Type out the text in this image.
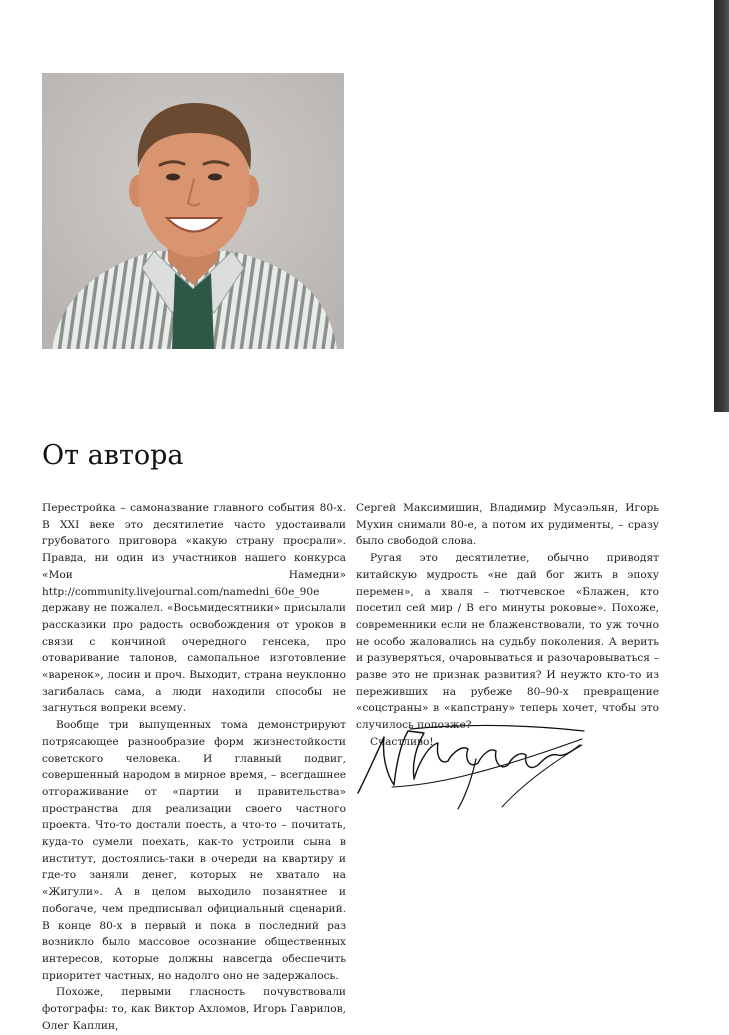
От автора

Перестройка – самоназвание главного события 80-х. В XXI веке это десятилетие часто удостаивали грубоватого приговора «какую страну просрали». Правда, ни один из участников нашего конкурса «Мои Намедни» http://community.livejournal.com/namedni_60e_90e державу не пожалел. «Восьмидесятники» присылали рассказики про радость освобождения от уроков в связи с кончиной очередного генсека, про отоваривание талонов, самопальное изготовление «варенок», лосин и проч. Выходит, страна неуклонно загибалась сама, а люди находили способы не загнуться вопреки всему.

Вообще три выпущенных тома демонстрируют потрясающее разнообразие форм жизнестойкости советского человека. И главный подвиг, совершенный народом в мирное время, – всегдашнее отгораживание от «партии и правительства» пространства для реализации своего частного проекта. Что-то достали поесть, а что-то – почитать, куда-то сумели поехать, как-то устроили сына в институт, достоялись-таки в очереди на квартиру и где-то заняли денег, которых не хватало на «Жигули». А в целом выходило позанятнее и побогаче, чем предписывал официальный сценарий. В конце 80-х в первый и пока в последний раз возникло было массовое осознание общественных интересов, которые должны навсегда обеспечить приоритет частных, но надолго оно не задержалось.

Похоже, первыми гласность почувствовали фотографы: то, как Виктор Ахломов, Игорь Гаврилов, Олег Каплин,

Сергей Максимишин, Владимир Мусаэльян, Игорь Мухин снимали 80-е, а потом их рудименты, – сразу было свободой слова.

Ругая это десятилетие, обычно приводят китайскую мудрость «не дай бог жить в эпоху перемен», а хваля – тютчевское «Блажен, кто посетил сей мир / В его минуты роковые». Похоже, современники если не блаженствовали, то уж точно не особо жаловались на судьбу поколения. А верить и разуверяться, очаровываться и разочаровываться – разве это не признак развития? И неужто кто-то из переживших на рубеже 80–90-х превращение «соцстраны» в «капстрану» теперь хочет, чтобы это случилось попозже?

Счастливо!
